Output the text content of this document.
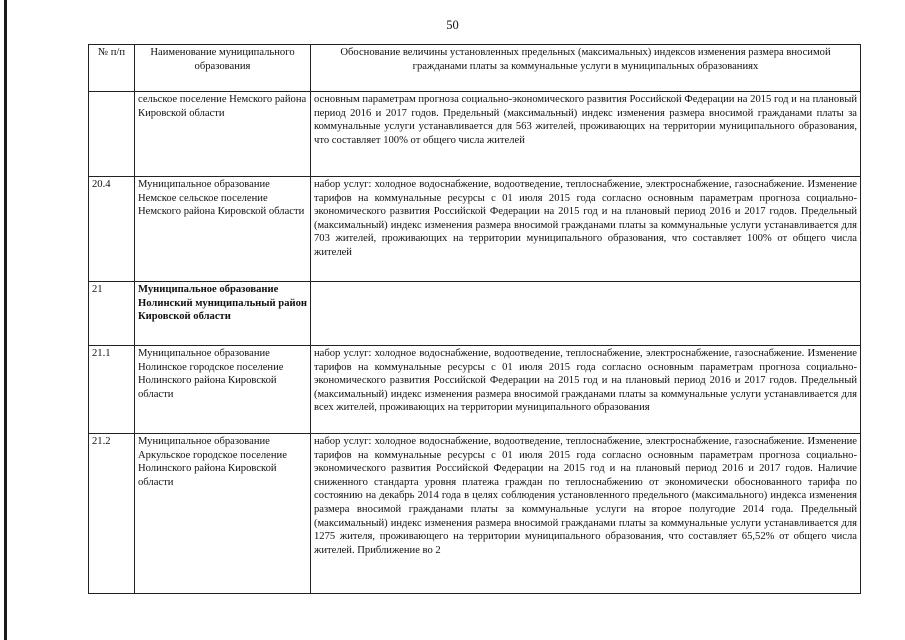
50
№ п/п	Наименование муниципального образования	Обоснование величины установленных предельных (максимальных) индексов изменения размера вносимой гражданами платы за коммунальные услуги в муниципальных образованиях
	сельское поселение Немского района Кировской области	основным параметрам прогноза социально-экономического развития Российской Федерации на 2015 год и на плановый период 2016 и 2017 годов. Предельный (максимальный) индекс изменения размера вносимой гражданами платы за коммунальные услуги устанавливается для 563 жителей, проживающих на территории муниципального образования, что составляет 100% от общего числа жителей
20.4	Муниципальное образование Немское сельское поселение Немского района Кировской области	набор услуг: холодное водоснабжение, водоотведение, теплоснабжение, электроснабжение, газоснабжение. Изменение тарифов на коммунальные ресурсы с 01 июля 2015 года согласно основным параметрам прогноза социально-экономического развития Российской Федерации на 2015 год и на плановый период 2016 и 2017 годов. Предельный (максимальный) индекс изменения размера вносимой гражданами платы за коммунальные услуги устанавливается для 703 жителей, проживающих на территории муниципального образования, что составляет 100% от общего числа жителей
21	Муниципальное образование Нолинский муниципальный район Кировской области	
21.1	Муниципальное образование Нолинское городское поселение Нолинского района Кировской области	набор услуг: холодное водоснабжение, водоотведение, теплоснабжение, электроснабжение, газоснабжение. Изменение тарифов на коммунальные ресурсы с 01 июля 2015 года согласно основным параметрам прогноза социально-экономического развития Российской Федерации на 2015 год и на плановый период 2016 и 2017 годов. Предельный (максимальный) индекс изменения размера вносимой гражданами платы за коммунальные услуги устанавливается для всех жителей, проживающих на территории муниципального образования
21.2	Муниципальное образование Аркульское городское поселение Нолинского района Кировской области	набор услуг: холодное водоснабжение, водоотведение, теплоснабжение, электроснабжение, газоснабжение. Изменение тарифов на коммунальные ресурсы с 01 июля 2015 года согласно основным параметрам прогноза социально-экономического развития Российской Федерации на 2015 год и на плановый период 2016 и 2017 годов. Наличие сниженного стандарта уровня платежа граждан по теплоснабжению от экономически обоснованного тарифа по состоянию на декабрь 2014 года в целях соблюдения установленного предельного (максимального) индекса изменения размера вносимой гражданами платы за коммунальные услуги на второе полугодие 2014 года. Предельный (максимальный) индекс изменения размера вносимой гражданами платы за коммунальные услуги устанавливается для 1275 жителя, проживающего на территории муниципального образования, что составляет 65,52% от общего числа жителей. Приближение во 2
